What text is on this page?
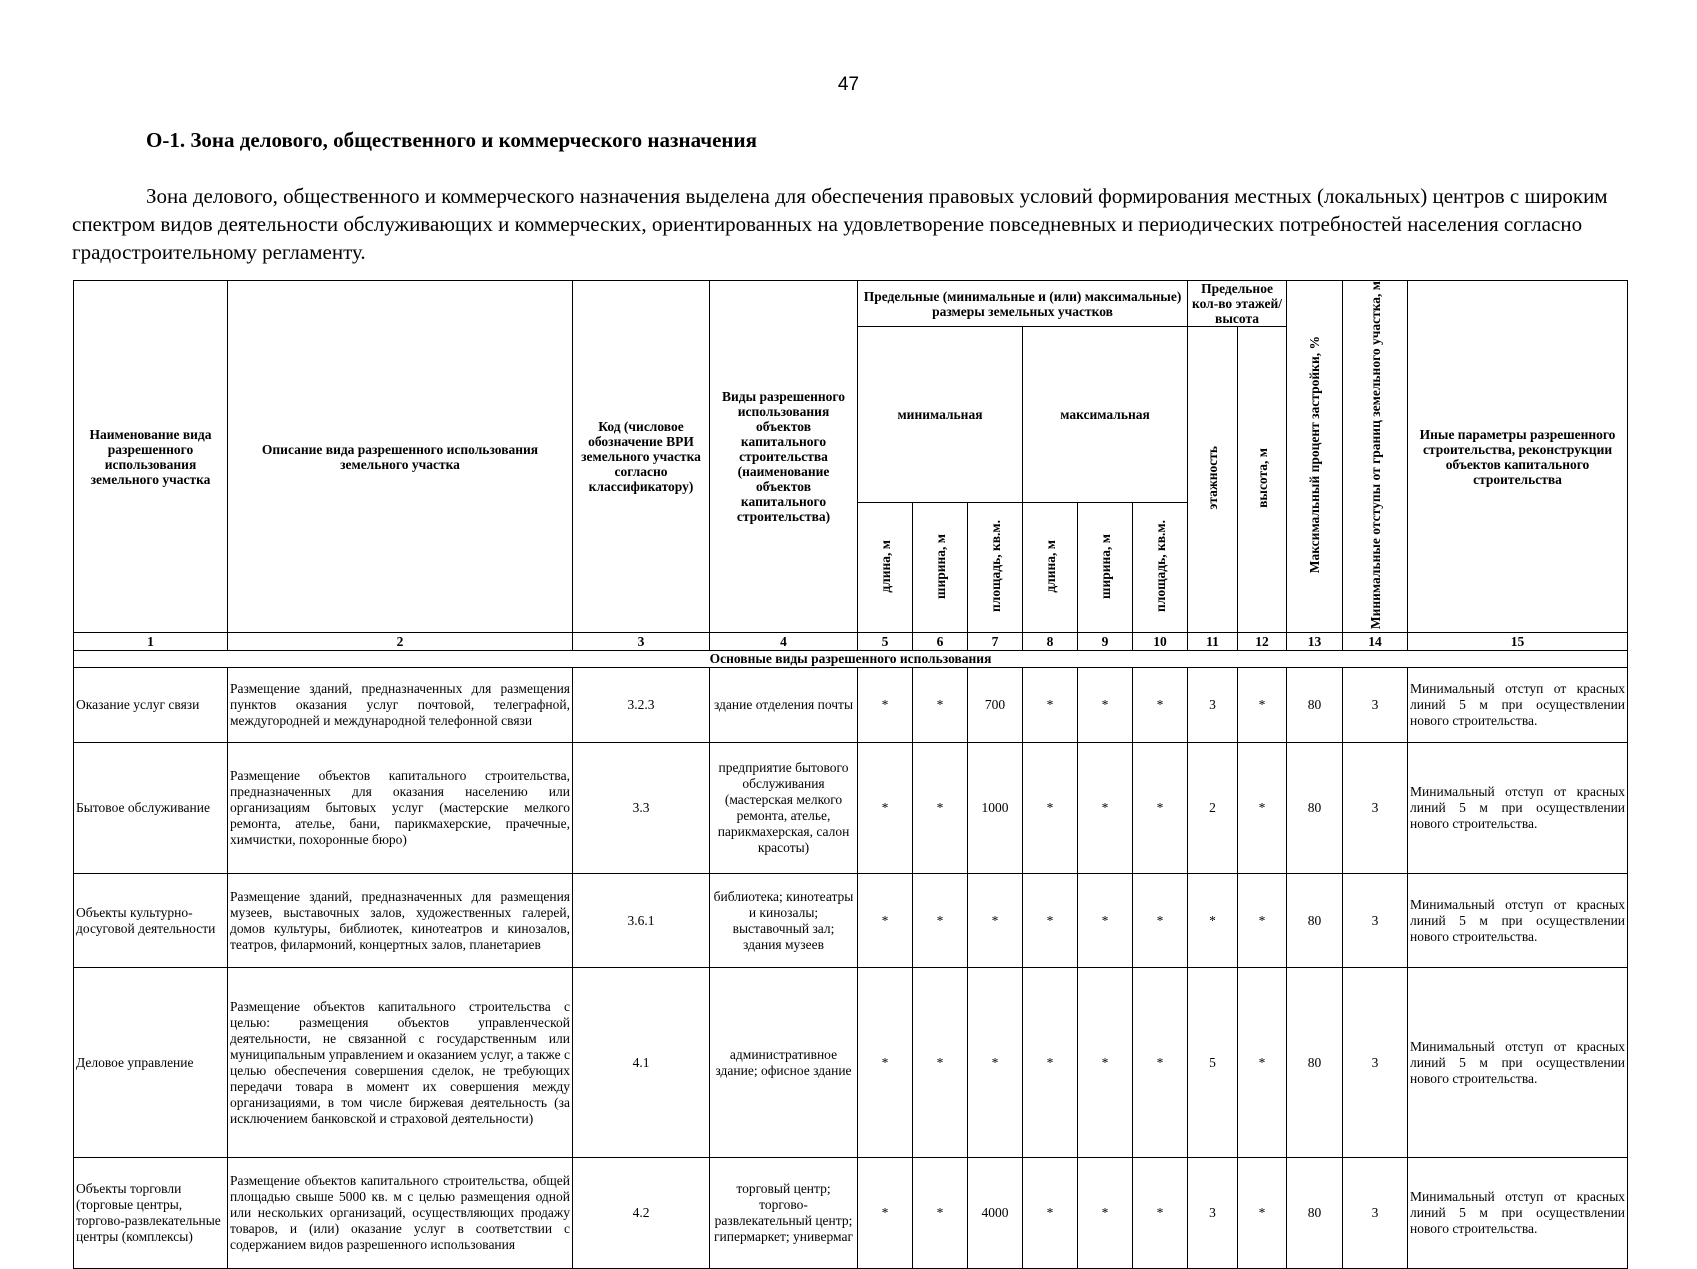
47
О-1. Зона делового, общественного и коммерческого назначения

Зона делового, общественного и коммерческого назначения выделена для обеспечения правовых условий формирования местных (локальных) центров с широким спектром видов деятельности обслуживающих и коммерческих, ориентированных на удовлетворение повседневных и периодических потребностей населения согласно градостроительному регламенту.

Наименование вида разрешенного использования земельного участка	Описание вида разрешенного использования земельного участка	Код (числовое обозначение ВРИ земельного участка согласно классификатору)	Виды разрешенного использования объектов капитального строительства (наименование объектов капитального строительства)	Предельные (минимальные и (или) максимальные) размеры земельных участков						Предельное кол-во этажей/ высота		Максимальный процент застройки, %	Минимальные отступы от границ земельного участка, м	Иные параметры разрешенного строительства, реконструкции объектов капитального строительства
				минимальная			максимальная			этажность	высота, м			
				длина, м	ширина, м	площадь, кв.м.	длина, м	ширина, м	площадь, кв.м.					
1	2	3	4	5	6	7	8	9	10	11	12	13	14	15
Основные виды разрешенного использования														
Оказание услуг связи	Размещение зданий, предназначенных для размещения пунктов оказания услуг почтовой, телеграфной, междугородней и международной телефонной связи	3.2.3	здание отделения почты	*	*	700	*	*	*	3	*	80	3	Минимальный отступ от красных линий 5 м при осуществлении нового строительства.
Бытовое обслуживание	Размещение объектов капитального строительства, предназначенных для оказания населению или организациям бытовых услуг (мастерские мелкого ремонта, ателье, бани, парикмахерские, прачечные, химчистки, похоронные бюро)	3.3	предприятие бытового обслуживания (мастерская мелкого ремонта, ателье, парикмахерская, салон красоты)	*	*	1000	*	*	*	2	*	80	3	Минимальный отступ от красных линий 5 м при осуществлении нового строительства.
Объекты культурно-досуговой деятельности	Размещение зданий, предназначенных для размещения музеев, выставочных залов, художественных галерей, домов культуры, библиотек, кинотеатров и кинозалов, театров, филармоний, концертных залов, планетариев	3.6.1	библиотека; кинотеатры и кинозалы; выставочный зал; здания музеев	*	*	*	*	*	*	*	*	80	3	Минимальный отступ от красных линий 5 м при осуществлении нового строительства.
Деловое управление	Размещение объектов капитального строительства с целью: размещения объектов управленческой деятельности, не связанной с государственным или муниципальным управлением и оказанием услуг, а также с целью обеспечения совершения сделок, не требующих передачи товара в момент их совершения между организациями, в том числе биржевая деятельность (за исключением банковской и страховой деятельности)	4.1	административное здание; офисное здание	*	*	*	*	*	*	5	*	80	3	Минимальный отступ от красных линий 5 м при осуществлении нового строительства.
Объекты торговли (торговые центры, торгово-развлекательные центры (комплексы)	Размещение объектов капитального строительства, общей площадью свыше 5000 кв. м с целью размещения одной или нескольких организаций, осуществляющих продажу товаров, и (или) оказание услуг в соответствии с содержанием видов разрешенного использования	4.2	торговый центр; торгово-развлекательный центр; гипермаркет; универмаг	*	*	4000	*	*	*	3	*	80	3	Минимальный отступ от красных линий 5 м при осуществлении нового строительства.
